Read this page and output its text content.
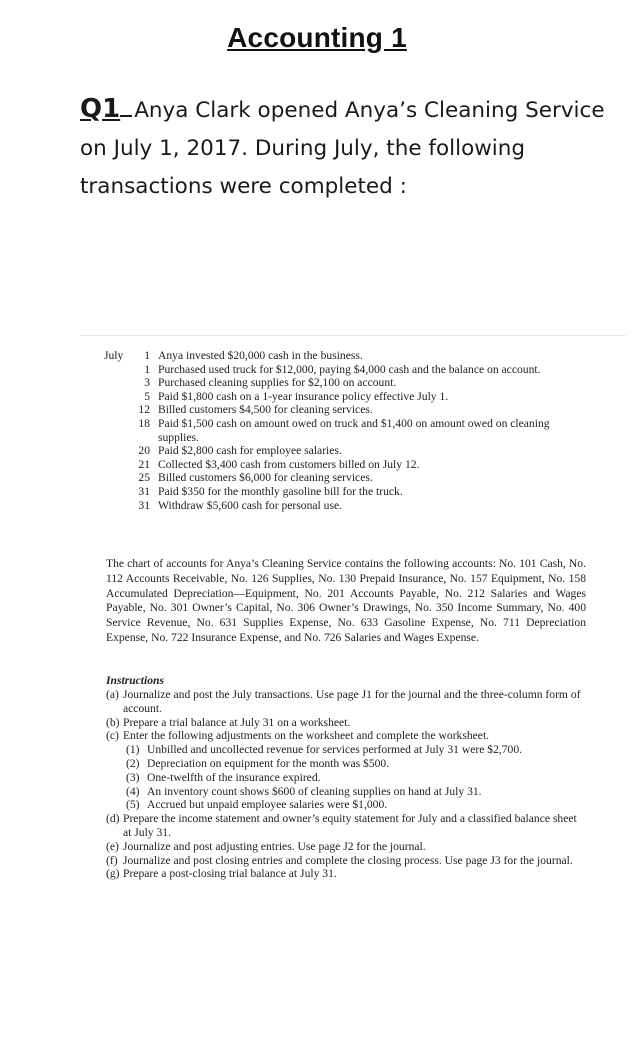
Accounting 1
Q1 Anya Clark opened Anya’s Cleaning Service on July 1, 2017. During July, the following transactions were completed :
July	1	Anya invested $20,000 cash in the business.
	1	Purchased used truck for $12,000, paying $4,000 cash and the balance on account.
	3	Purchased cleaning supplies for $2,100 on account.
	5	Paid $1,800 cash on a 1-year insurance policy effective July 1.
	12	Billed customers $4,500 for cleaning services.
	18	Paid $1,500 cash on amount owed on truck and $1,400 on amount owed on cleaning supplies.
	20	Paid $2,800 cash for employee salaries.
	21	Collected $3,400 cash from customers billed on July 12.
	25	Billed customers $6,000 for cleaning services.
	31	Paid $350 for the monthly gasoline bill for the truck.
	31	Withdraw $5,600 cash for personal use.
The chart of accounts for Anya’s Cleaning Service contains the following accounts: No. 101 Cash, No. 112 Accounts Receivable, No. 126 Supplies, No. 130 Prepaid Insurance, No. 157 Equipment, No. 158 Accumulated Depreciation—Equipment, No. 201 Accounts Payable, No. 212 Salaries and Wages Payable, No. 301 Owner’s Capital, No. 306 Owner’s Drawings, No. 350 Income Summary, No. 400 Service Revenue, No. 631 Supplies Expense, No. 633 Gasoline Expense, No. 711 Depreciation Expense, No. 722 Insurance Expense, and No. 726 Salaries and Wages Expense.
Instructions
(a) Journalize and post the July transactions. Use page J1 for the journal and the three-column form of account.
(b) Prepare a trial balance at July 31 on a worksheet.
(c) Enter the following adjustments on the worksheet and complete the worksheet.
(1) Unbilled and uncollected revenue for services performed at July 31 were $2,700.
(2) Depreciation on equipment for the month was $500.
(3) One-twelfth of the insurance expired.
(4) An inventory count shows $600 of cleaning supplies on hand at July 31.
(5) Accrued but unpaid employee salaries were $1,000.
(d) Prepare the income statement and owner’s equity statement for July and a classified balance sheet at July 31.
(e) Journalize and post adjusting entries. Use page J2 for the journal.
(f) Journalize and post closing entries and complete the closing process. Use page J3 for the journal.
(g) Prepare a post-closing trial balance at July 31.
